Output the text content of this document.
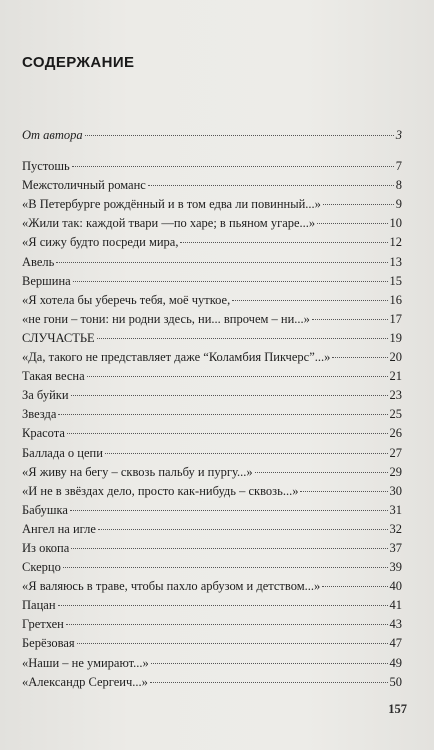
СОДЕРЖАНИЕ
От автора	3
Пустошь	7
Межстоличный романс	8
«В Петербурге рождённый и в том едва ли повинный...»	9
«Жили так: каждой твари —по харе; в пьяном угаре...»	10
«Я сижу будто посреди мира,	12
Авель	13
Вершина	15
«Я хотела бы уберечь тебя, моё чуткое,	16
«не гони – тони: ни родни здесь, ни... впрочем – ни...»	17
СЛУЧАСТЬЕ	19
«Да, такого не представляет даже “Коламбия Пикчерс”...»	20
Такая весна	21
За буйки	23
Звезда	25
Красота	26
Баллада о цепи	27
«Я живу на бегу – сквозь пальбу и пургу...»	29
«И не в звёздах дело, просто как-нибудь – сквозь...»	30
Бабушка	31
Ангел на игле	32
Из окопа	37
Скерцо	39
«Я валяюсь в траве, чтобы пахло арбузом и детством...»	40
Пацан	41
Гретхен	43
Берёзовая	47
«Наши – не умирают...»	49
«Александр Сергеич...»	50
157
